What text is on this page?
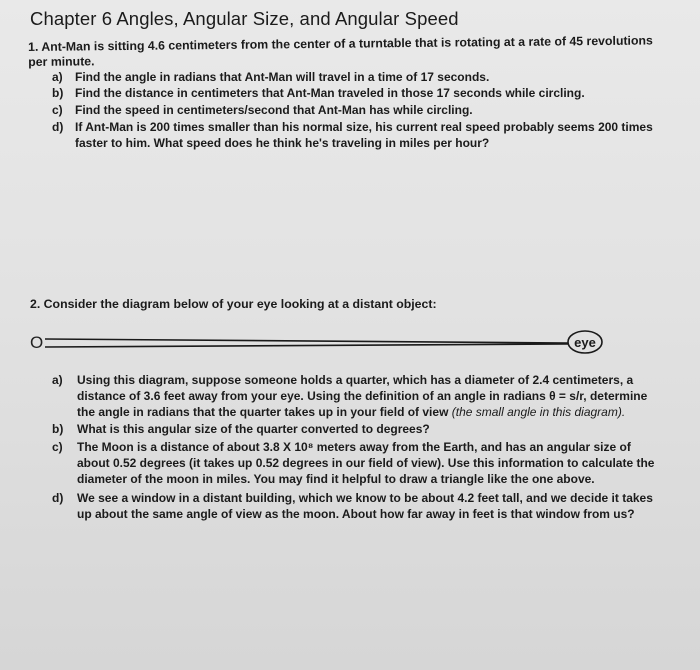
Chapter 6 Angles, Angular Size, and Angular Speed
1. Ant-Man is sitting 4.6 centimeters from the center of a turntable that is rotating at a rate of 45 revolutions
per minute.
a) Find the angle in radians that Ant-Man will travel in a time of 17 seconds.
b) Find the distance in centimeters that Ant-Man traveled in those 17 seconds while circling.
c) Find the speed in centimeters/second that Ant-Man has while circling.
d) If Ant-Man is 200 times smaller than his normal size, his current real speed probably seems 200 times
faster to him. What speed does he think he's traveling in miles per hour?
2. Consider the diagram below of your eye looking at a distant object:
O	eye
a) Using this diagram, suppose someone holds a quarter, which has a diameter of 2.4 centimeters, a
distance of 3.6 feet away from your eye. Using the definition of an angle in radians θ = s/r, determine
the angle in radians that the quarter takes up in your field of view (the small angle in this diagram).
b) What is this angular size of the quarter converted to degrees?
c) The Moon is a distance of about 3.8 X 10⁸ meters away from the Earth, and has an angular size of
about 0.52 degrees (it takes up 0.52 degrees in our field of view). Use this information to calculate the
diameter of the moon in miles. You may find it helpful to draw a triangle like the one above.
d) We see a window in a distant building, which we know to be about 4.2 feet tall, and we decide it takes
up about the same angle of view as the moon. About how far away in feet is that window from us?
